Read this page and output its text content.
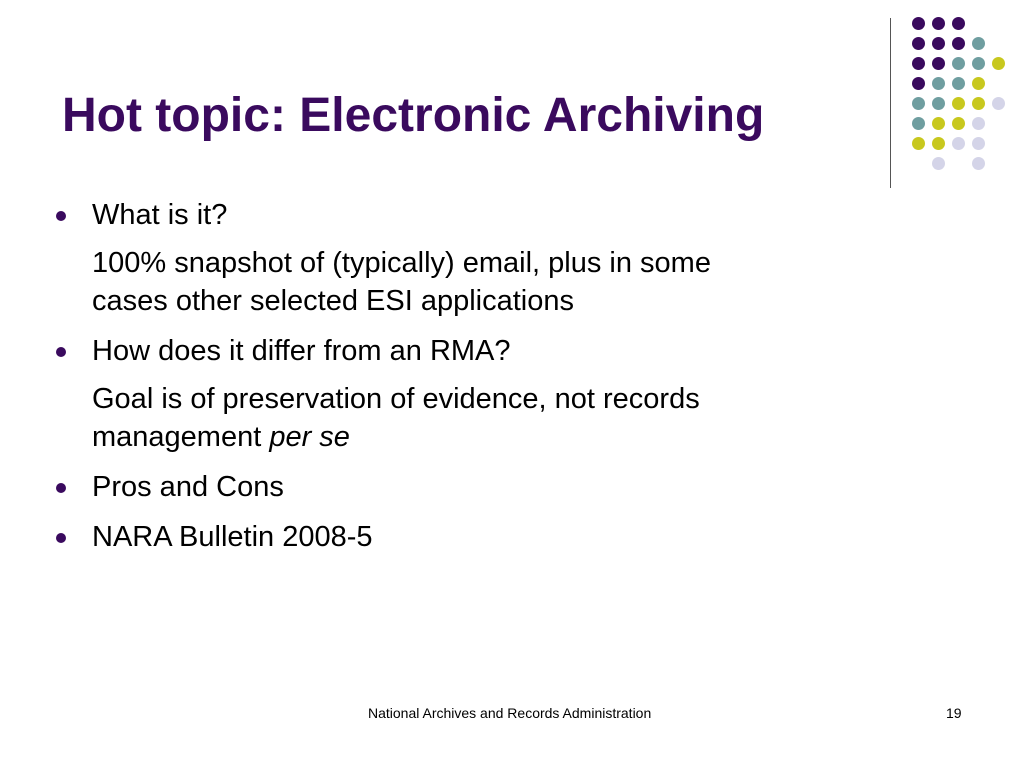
Hot topic: Electronic Archiving
What is it?
100% snapshot of (typically) email, plus in some
cases other selected ESI applications
How does it differ from an RMA?
Goal is of preservation of evidence, not records
management per se
Pros and Cons
NARA Bulletin 2008-5
National Archives and Records Administration	19
